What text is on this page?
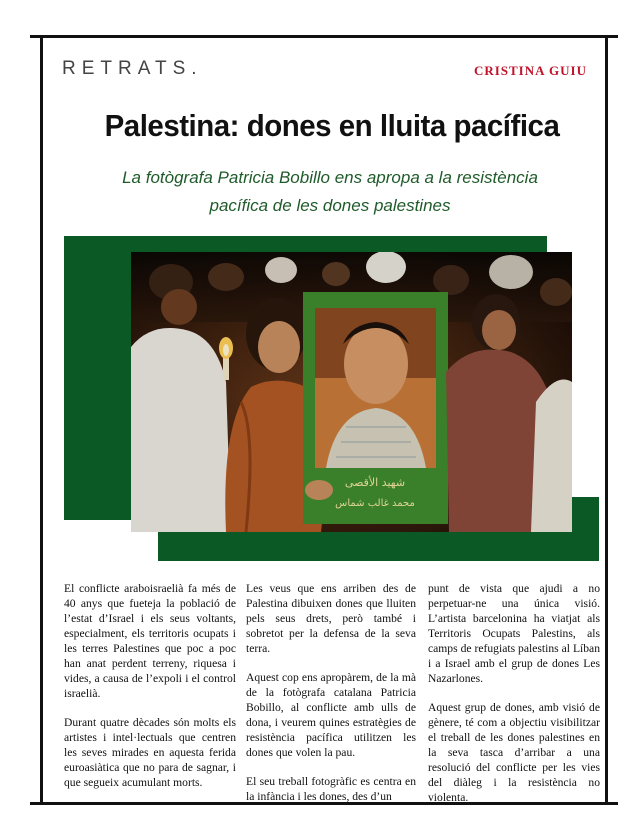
RETRATS.	CRISTINA GUIU
Palestina: dones en lluita pacífica
La fotògrafa Patricia Bobillo ens apropa a la resistència
pacífica de les dones palestines
شهيد الأقصى
محمد غالب شماس

El conflicte araboisraelià fa més de 40 anys que fueteja la població de l’estat d’Israel i els seus voltants, especialment, els territoris ocupats i les terres Palestines que poc a poc han anat perdent terreny, riquesa i vides, a causa de l’expoli i el control israelià.

Durant quatre dècades són molts els artistes i intel·lectuals que centren les seves mirades en aquesta ferida euroasiàtica que no para de sagnar, i que segueix acumulant morts.

Les veus que ens arriben des de Palestina dibuixen dones que lluiten pels seus drets, però també i sobretot per la defensa de la seva terra.

Aquest cop ens apropàrem, de la mà de la fotògrafa catalana Patricia Bobillo, al conflicte amb ulls de dona, i veurem quines estratègies de resistència pacífica utilitzen les dones que volen la pau.

El seu treball fotogràfic es centra en la infància i les dones, des d’un

punt de vista que ajudi a no perpetuar-ne una única visió. L’artista barcelonina ha viatjat als Territoris Ocupats Palestins, als camps de refugiats palestins al Líban i a Israel amb el grup de dones Les Nazarlones.

Aquest grup de dones, amb visió de gènere, té com a objectiu visibilitzar el treball de les dones palestines en la seva tasca d’arribar a una resolució del conflicte per les vies del diàleg i la resistència no violenta.
